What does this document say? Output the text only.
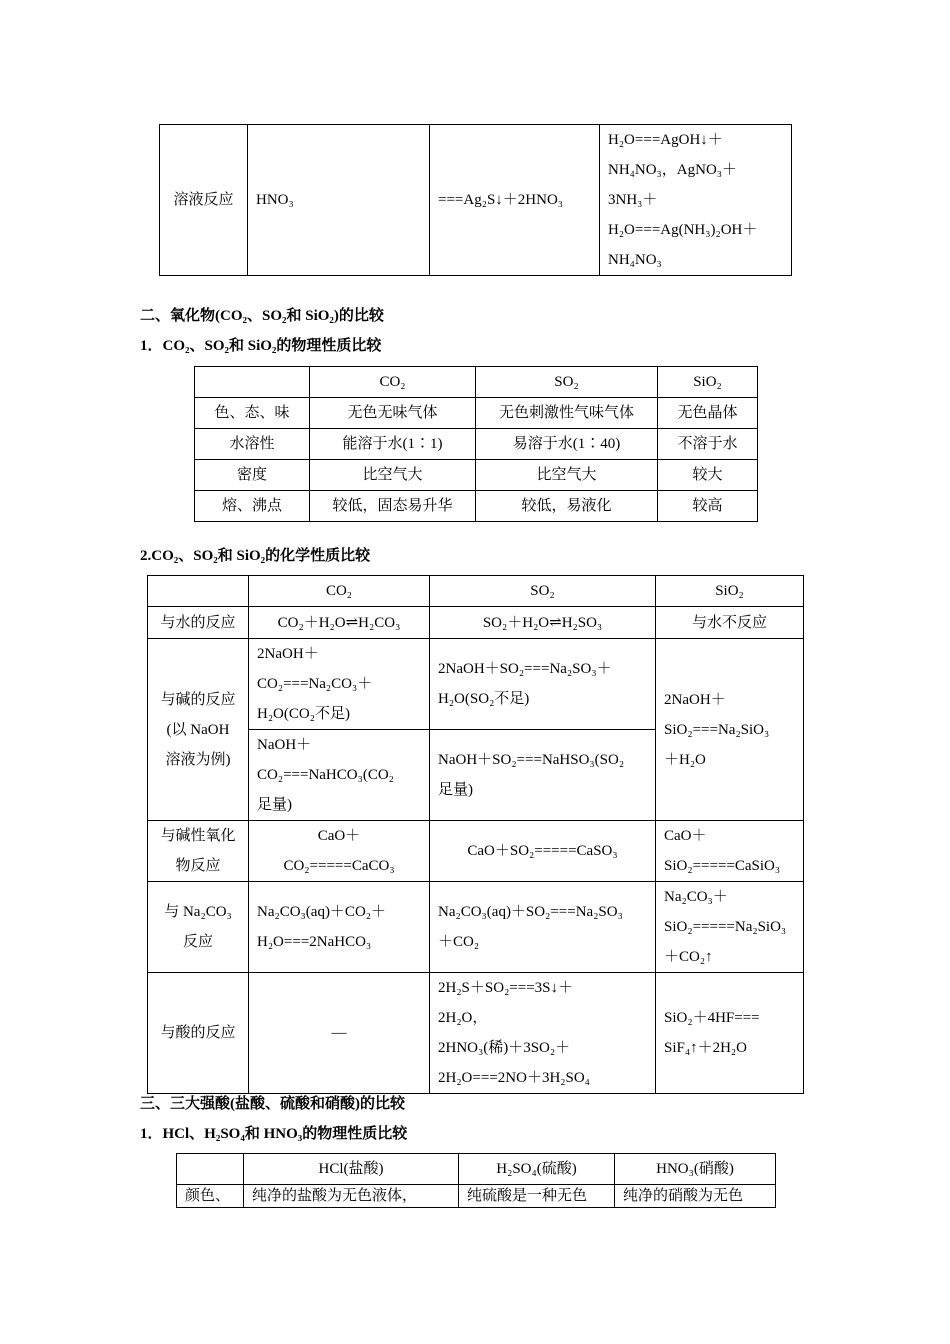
溶液反应	HNO₃	===Ag₂S↓＋2HNO₃	
H₂O===AgOH↓＋
NH₄NO₃，AgNO₃＋
3NH₃＋
H₂O===Ag(NH₃)₂OH＋
NH₄NO₃
二、氧化物(CO₂、SO₂和 SiO₂)的比较
1．CO₂、SO₂和 SiO₂的物理性质比较
	CO₂	SO₂	SiO₂
色、态、味	无色无味气体	无色刺激性气味气体	无色晶体
水溶性	能溶于水(1∶1)	易溶于水(1∶40)	不溶于水
密度	比空气大	比空气大	较大
熔、沸点	较低，固态易升华	较低，易液化	较高
2.CO₂、SO₂和 SiO₂的化学性质比较
	CO₂	SO₂	SiO₂
与水的反应	CO₂＋H₂O⇌H₂CO₃	SO₂＋H₂O⇌H₂SO₃	与水不反应

与碱的反应
(以 NaOH
溶液为例)	2NaOH＋
CO₂===Na₂CO₃＋
H₂O(CO₂不足)	2NaOH＋SO₂===Na₂SO₃＋
H₂O(SO₂不足)	2NaOH＋
SiO₂===Na₂SiO₃
＋H₂O

	NaOH＋
CO₂===NaHCO₃(CO₂
足量)	NaOH＋SO₂===NaHSO₃(SO₂
足量)	

与碱性氧化
物反应	CaO＋
CO₂=====CaCO₃	CaO＋SO₂=====CaSO₃	CaO＋
SiO₂=====CaSiO₃

与 Na₂CO₃
反应	Na₂CO₃(aq)＋CO₂＋
H₂O===2NaHCO₃	Na₂CO₃(aq)＋SO₂===Na₂SO₃
＋CO₂	Na₂CO₃＋
SiO₂=====Na₂SiO₃
＋CO₂↑

与酸的反应	—	2H₂S＋SO₂===3S↓＋
2H₂O，
2HNO₃(稀)＋3SO₂＋
2H₂O===2NO＋3H₂SO₄	SiO₂＋4HF===
SiF₄↑＋2H₂O
三、三大强酸(盐酸、硫酸和硝酸)的比较
1．HCl、H₂SO₄和 HNO₃的物理性质比较
	HCl(盐酸)	H₂SO₄(硫酸)	HNO₃(硝酸)
颜色、	纯净的盐酸为无色液体，	纯硫酸是一种无色	纯净的硝酸为无色
